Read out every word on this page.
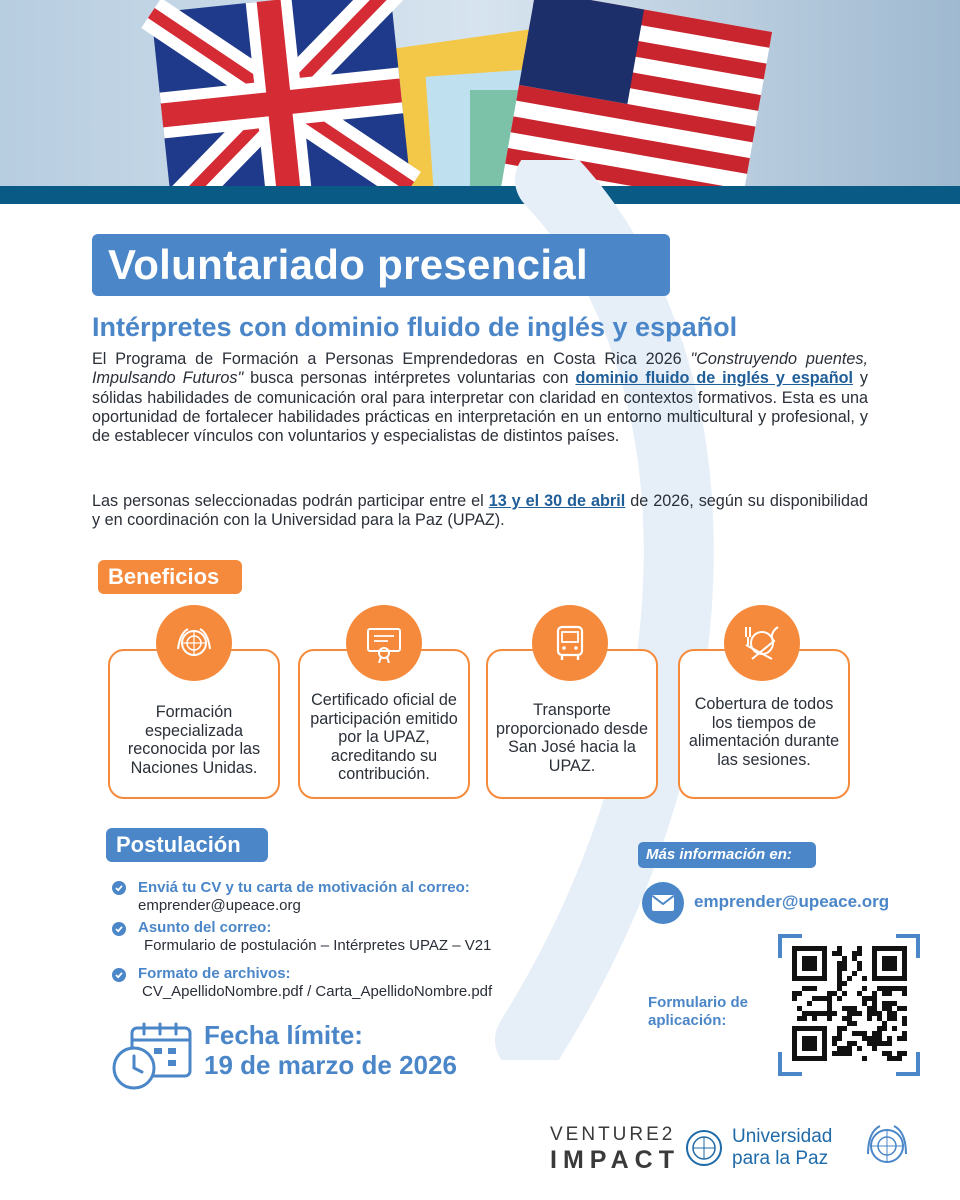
Voluntariado presencial
Intérpretes con dominio fluido de inglés y español
El Programa de Formación a Personas Emprendedoras en Costa Rica 2026 "Construyendo puentes, Impulsando Futuros" busca personas intérpretes voluntarias con dominio fluido de inglés y español y sólidas habilidades de comunicación oral para interpretar con claridad en contextos formativos. Esta es una oportunidad de fortalecer habilidades prácticas en interpretación en un entorno multicultural y profesional, y de establecer vínculos con voluntarios y especialistas de distintos países.
Las personas seleccionadas podrán participar entre el 13 y el 30 de abril de 2026, según su disponibilidad y en coordinación con la Universidad para la Paz (UPAZ).
Beneficios
Formación especializada reconocida por las Naciones Unidas.
Certificado oficial de participación emitido por la UPAZ, acreditando su contribución.
Transporte proporcionado desde San José hacia la UPAZ.
Cobertura de todos los tiempos de alimentación durante las sesiones.
Postulación
Enviá tu CV y tu carta de motivación al correo:
emprender@upeace.org
Asunto del correo:
Formulario de postulación – Intérpretes UPAZ – V21
Formato de archivos:
CV_ApellidoNombre.pdf / Carta_ApellidoNombre.pdf
Fecha límite:
19 de marzo de 2026
Más información en:
emprender@upeace.org
Formulario de aplicación:
VENTURE2
IMPACT
Universidad
para la Paz
